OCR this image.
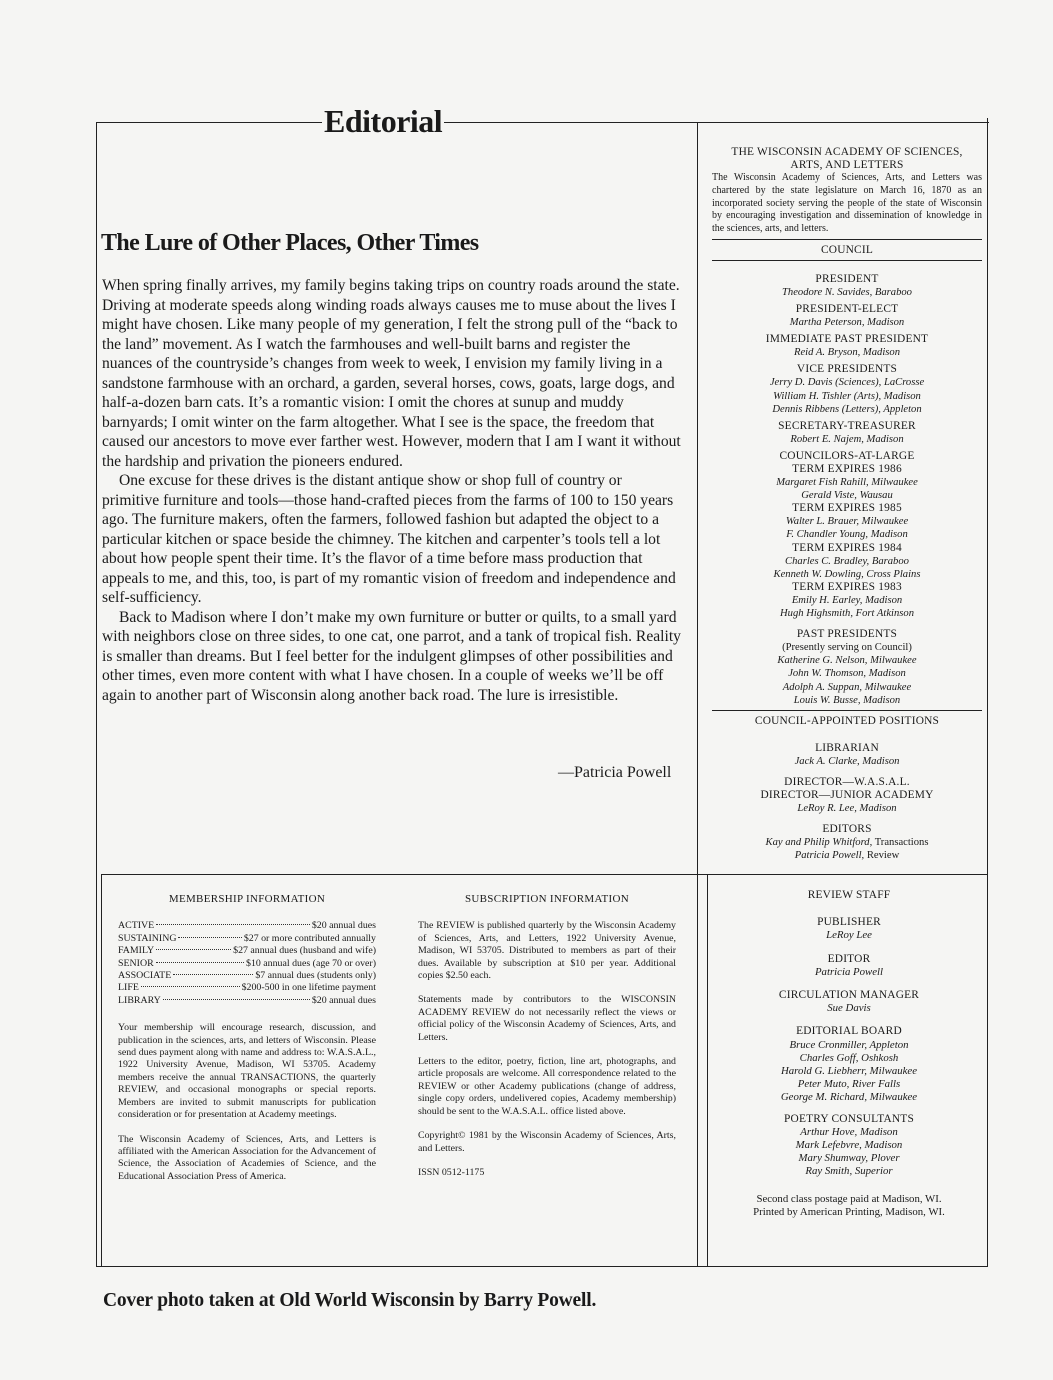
Editorial
The Lure of Other Places, Other Times

When spring finally arrives, my family begins taking trips on country roads around the state. Driving at moderate speeds along winding roads always causes me to muse about the lives I might have chosen. Like many people of my generation, I felt the strong pull of the “back to the land” movement. As I watch the farmhouses and well-built barns and register the nuances of the countryside’s changes from week to week, I envision my family living in a sandstone farmhouse with an orchard, a garden, several horses, cows, goats, large dogs, and half-a-dozen barn cats. It’s a romantic vision: I omit the chores at sunup and muddy barnyards; I omit winter on the farm altogether. What I see is the space, the freedom that caused our ancestors to move ever farther west. However, modern that I am I want it without the hardship and privation the pioneers endured.

One excuse for these drives is the distant antique show or shop full of country or primitive furniture and tools—those hand-crafted pieces from the farms of 100 to 150 years ago. The furniture makers, often the farmers, followed fashion but adapted the object to a particular kitchen or space beside the chimney. The kitchen and carpenter’s tools tell a lot about how people spent their time. It’s the flavor of a time before mass production that appeals to me, and this, too, is part of my romantic vision of freedom and independence and self-sufficiency.

Back to Madison where I don’t make my own furniture or butter or quilts, to a small yard with neighbors close on three sides, to one cat, one parrot, and a tank of tropical fish. Reality is smaller than dreams. But I feel better for the indulgent glimpses of other possibilities and other times, even more content with what I have chosen. In a couple of weeks we’ll be off again to another part of Wisconsin along another back road. The lure is irresistible.

—Patricia Powell
THE WISCONSIN ACADEMY OF SCIENCES,
ARTS, AND LETTERS
The Wisconsin Academy of Sciences, Arts, and Letters was chartered by the state legislature on March 16, 1870 as an incorporated society serving the people of the state of Wisconsin by encouraging investigation and dissemination of knowledge in the sciences, arts, and letters.
COUNCIL
PRESIDENT
Theodore N. Savides, Baraboo
PRESIDENT-ELECT
Martha Peterson, Madison
IMMEDIATE PAST PRESIDENT
Reid A. Bryson, Madison
VICE PRESIDENTS
Jerry D. Davis (Sciences), LaCrosse
William H. Tishler (Arts), Madison
Dennis Ribbens (Letters), Appleton
SECRETARY-TREASURER
Robert E. Najem, Madison
COUNCILORS-AT-LARGE
TERM EXPIRES 1986
Margaret Fish Rahill, Milwaukee
Gerald Viste, Wausau
TERM EXPIRES 1985
Walter L. Brauer, Milwaukee
F. Chandler Young, Madison
TERM EXPIRES 1984
Charles C. Bradley, Baraboo
Kenneth W. Dowling, Cross Plains
TERM EXPIRES 1983
Emily H. Earley, Madison
Hugh Highsmith, Fort Atkinson
PAST PRESIDENTS
(Presently serving on Council)
Katherine G. Nelson, Milwaukee
John W. Thomson, Madison
Adolph A. Suppan, Milwaukee
Louis W. Busse, Madison
COUNCIL-APPOINTED POSITIONS
LIBRARIAN
Jack A. Clarke, Madison
DIRECTOR—W.A.S.A.L.
DIRECTOR—JUNIOR ACADEMY
LeRoy R. Lee, Madison
EDITORS
Kay and Philip Whitford, Transactions
Patricia Powell, Review
MEMBERSHIP INFORMATION
ACTIVE	$20 annual dues
SUSTAINING	$27 or more contributed annually
FAMILY	$27 annual dues (husband and wife)
SENIOR	$10 annual dues (age 70 or over)
ASSOCIATE	$7 annual dues (students only)
LIFE	$200-500 in one lifetime payment
LIBRARY	$20 annual dues

Your membership will encourage research, discussion, and publication in the sciences, arts, and letters of Wisconsin. Please send dues payment along with name and address to: W.A.S.A.L., 1922 University Avenue, Madison, WI 53705. Academy members receive the annual TRANSACTIONS, the quarterly REVIEW, and occasional monographs or special reports. Members are invited to submit manuscripts for publication consideration or for presentation at Academy meetings.

The Wisconsin Academy of Sciences, Arts, and Letters is affiliated with the American Association for the Advancement of Science, the Association of Academies of Science, and the Educational Association Press of America.

SUBSCRIPTION INFORMATION

The REVIEW is published quarterly by the Wisconsin Academy of Sciences, Arts, and Letters, 1922 University Avenue, Madison, WI 53705. Distributed to members as part of their dues. Available by subscription at $10 per year. Additional copies $2.50 each.

Statements made by contributors to the WISCONSIN ACADEMY REVIEW do not necessarily reflect the views or official policy of the Wisconsin Academy of Sciences, Arts, and Letters.

Letters to the editor, poetry, fiction, line art, photographs, and article proposals are welcome. All correspondence related to the REVIEW or other Academy publications (change of address, single copy orders, undelivered copies, Academy membership) should be sent to the W.A.S.A.L. office listed above.

Copyright© 1981 by the Wisconsin Academy of Sciences, Arts, and Letters.

ISSN 0512-1175

REVIEW STAFF
PUBLISHER
LeRoy Lee
EDITOR
Patricia Powell
CIRCULATION MANAGER
Sue Davis
EDITORIAL BOARD
Bruce Cronmiller, Appleton
Charles Goff, Oshkosh
Harold G. Liebherr, Milwaukee
Peter Muto, River Falls
George M. Richard, Milwaukee
POETRY CONSULTANTS
Arthur Hove, Madison
Mark Lefebvre, Madison
Mary Shumway, Plover
Ray Smith, Superior
Second class postage paid at Madison, WI.
Printed by American Printing, Madison, WI.
Cover photo taken at Old World Wisconsin by Barry Powell.
